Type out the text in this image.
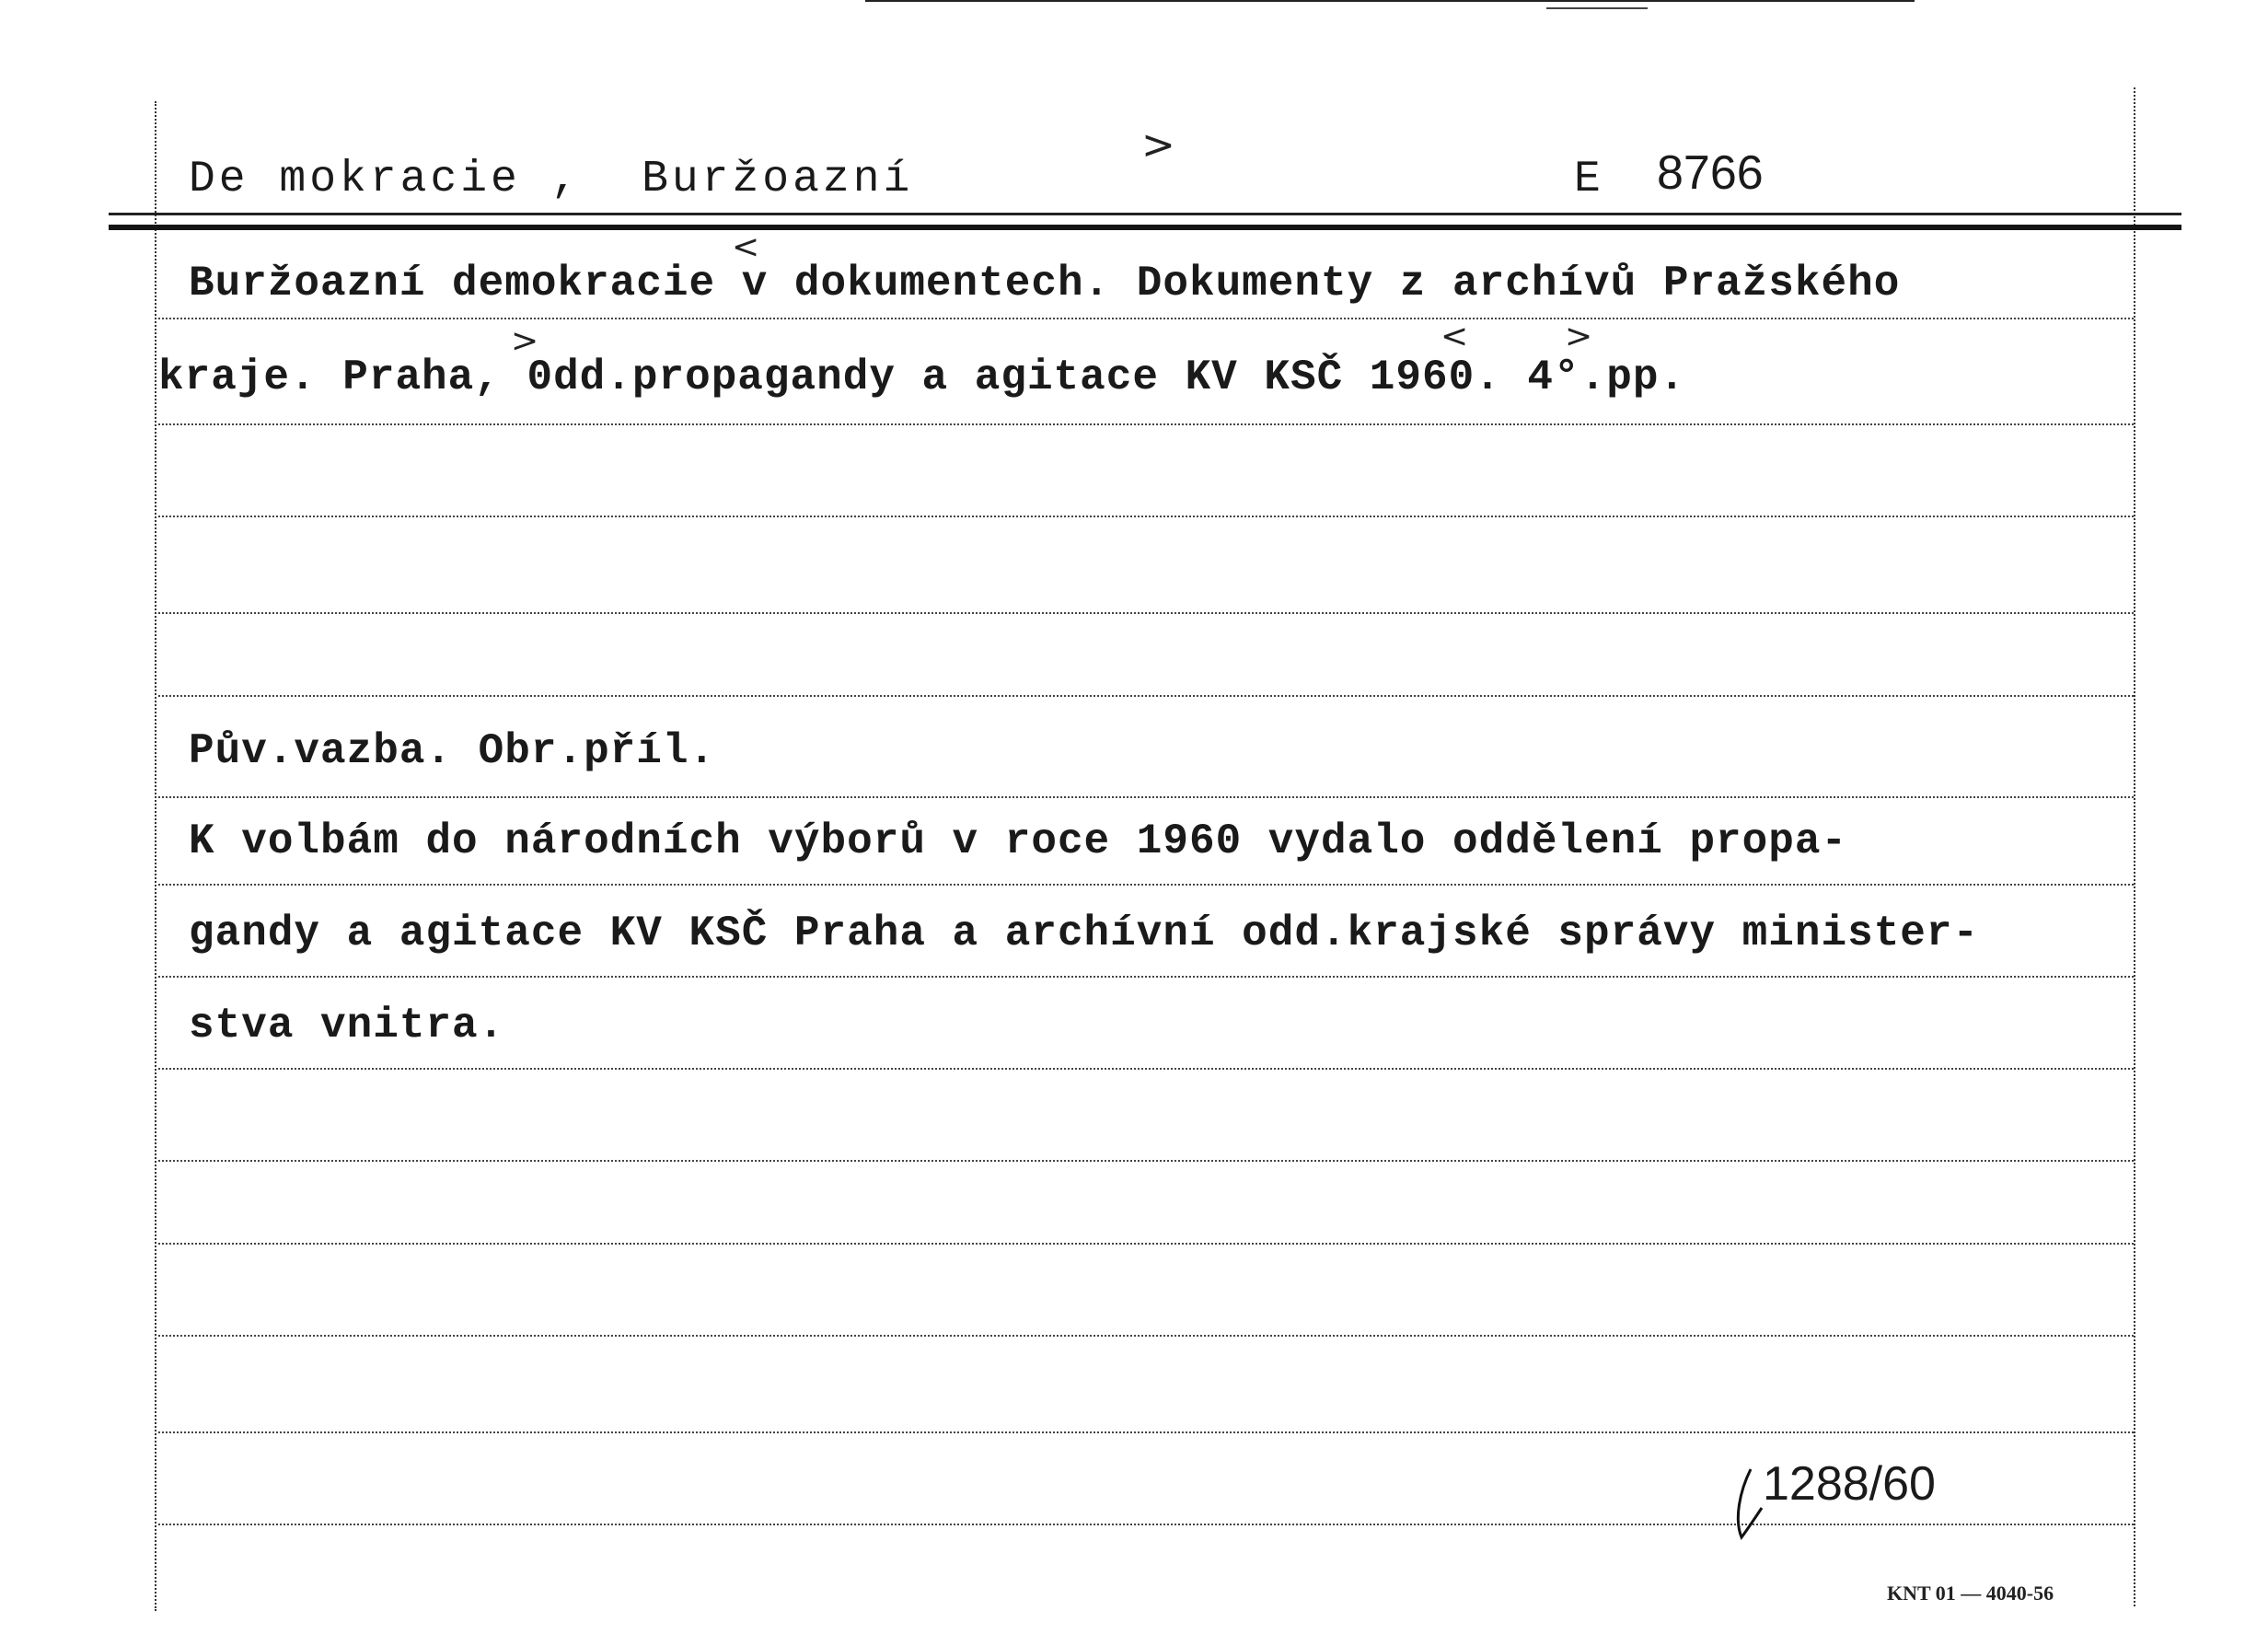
De mokracie ,  Buržoazní
>
E 8766
Buržoazní demokracie v dokumentech. Dokumenty z archívů Pražského
kraje. Praha, 0dd.propagandy a agitace KV KSČ 1960. 4°.pp.
Pův.vazba. Obr.příl.
K volbám do národních výborů v roce 1960 vydalo oddělení propa-
gandy a agitace KV KSČ Praha a archívní odd.krajské správy minister-
stva vnitra.
<
>	<	>
1288/60
KNT 01 — 4040-56
